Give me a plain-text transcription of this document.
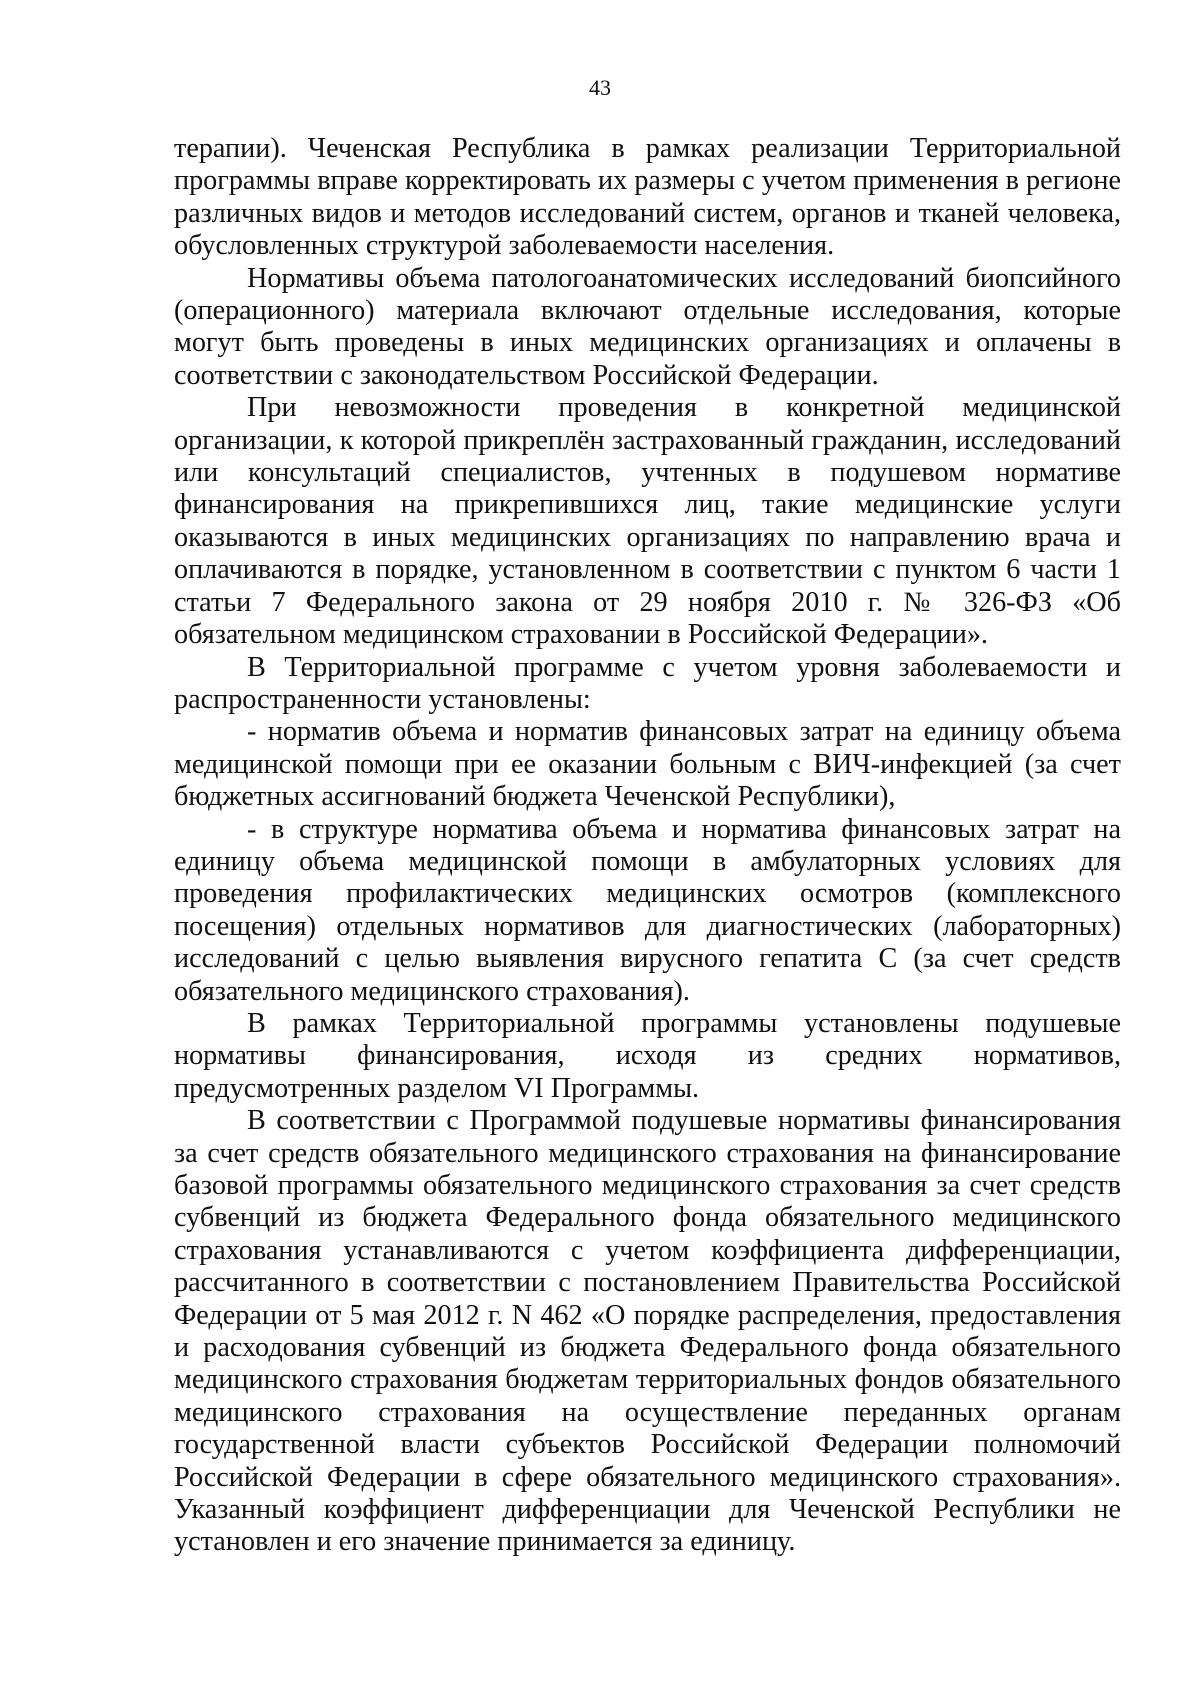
43

терапии). Чеченская Республика в рамках реализации Территориальной программы вправе корректировать их размеры с учетом применения в регионе различных видов и методов исследований систем, органов и тканей человека, обусловленных структурой заболеваемости населения.

Нормативы объема патологоанатомических исследований биопсийного (операционного) материала включают отдельные исследования, которые могут быть проведены в иных медицинских организациях и оплачены в соответствии с законодательством Российской Федерации.

При невозможности проведения в конкретной медицинской организации, к которой прикреплён застрахованный гражданин, исследований или консультаций специалистов, учтенных в подушевом нормативе финансирования на прикрепившихся лиц, такие медицинские услуги оказываются в иных медицинских организациях по направлению врача и оплачиваются в порядке, установленном в соответствии с пунктом 6 части 1 статьи 7 Федерального закона от 29 ноября 2010 г. № 326-ФЗ «Об обязательном медицинском страховании в Российской Федерации».

В Территориальной программе с учетом уровня заболеваемости и распространенности установлены:

- норматив объема и норматив финансовых затрат на единицу объема медицинской помощи при ее оказании больным с ВИЧ-инфекцией (за счет бюджетных ассигнований бюджета Чеченской Республики),

- в структуре норматива объема и норматива финансовых затрат на единицу объема медицинской помощи в амбулаторных условиях для проведения профилактических медицинских осмотров (комплексного посещения) отдельных нормативов для диагностических (лабораторных) исследований с целью выявления вирусного гепатита С (за счет средств обязательного медицинского страхования).

В рамках Территориальной программы установлены подушевые нормативы финансирования, исходя из средних нормативов, предусмотренных разделом VI Программы.

В соответствии с Программой подушевые нормативы финансирования за счет средств обязательного медицинского страхования на финансирование базовой программы обязательного медицинского страхования за счет средств субвенций из бюджета Федерального фонда обязательного медицинского страхования устанавливаются с учетом коэффициента дифференциации, рассчитанного в соответствии с постановлением Правительства Российской Федерации от 5 мая 2012 г. N 462 «О порядке распределения, предоставления и расходования субвенций из бюджета Федерального фонда обязательного медицинского страхования бюджетам территориальных фондов обязательного медицинского страхования на осуществление переданных органам государственной власти субъектов Российской Федерации полномочий Российской Федерации в сфере обязательного медицинского страхования». Указанный коэффициент дифференциации для Чеченской Республики не установлен и его значение принимается за единицу.
